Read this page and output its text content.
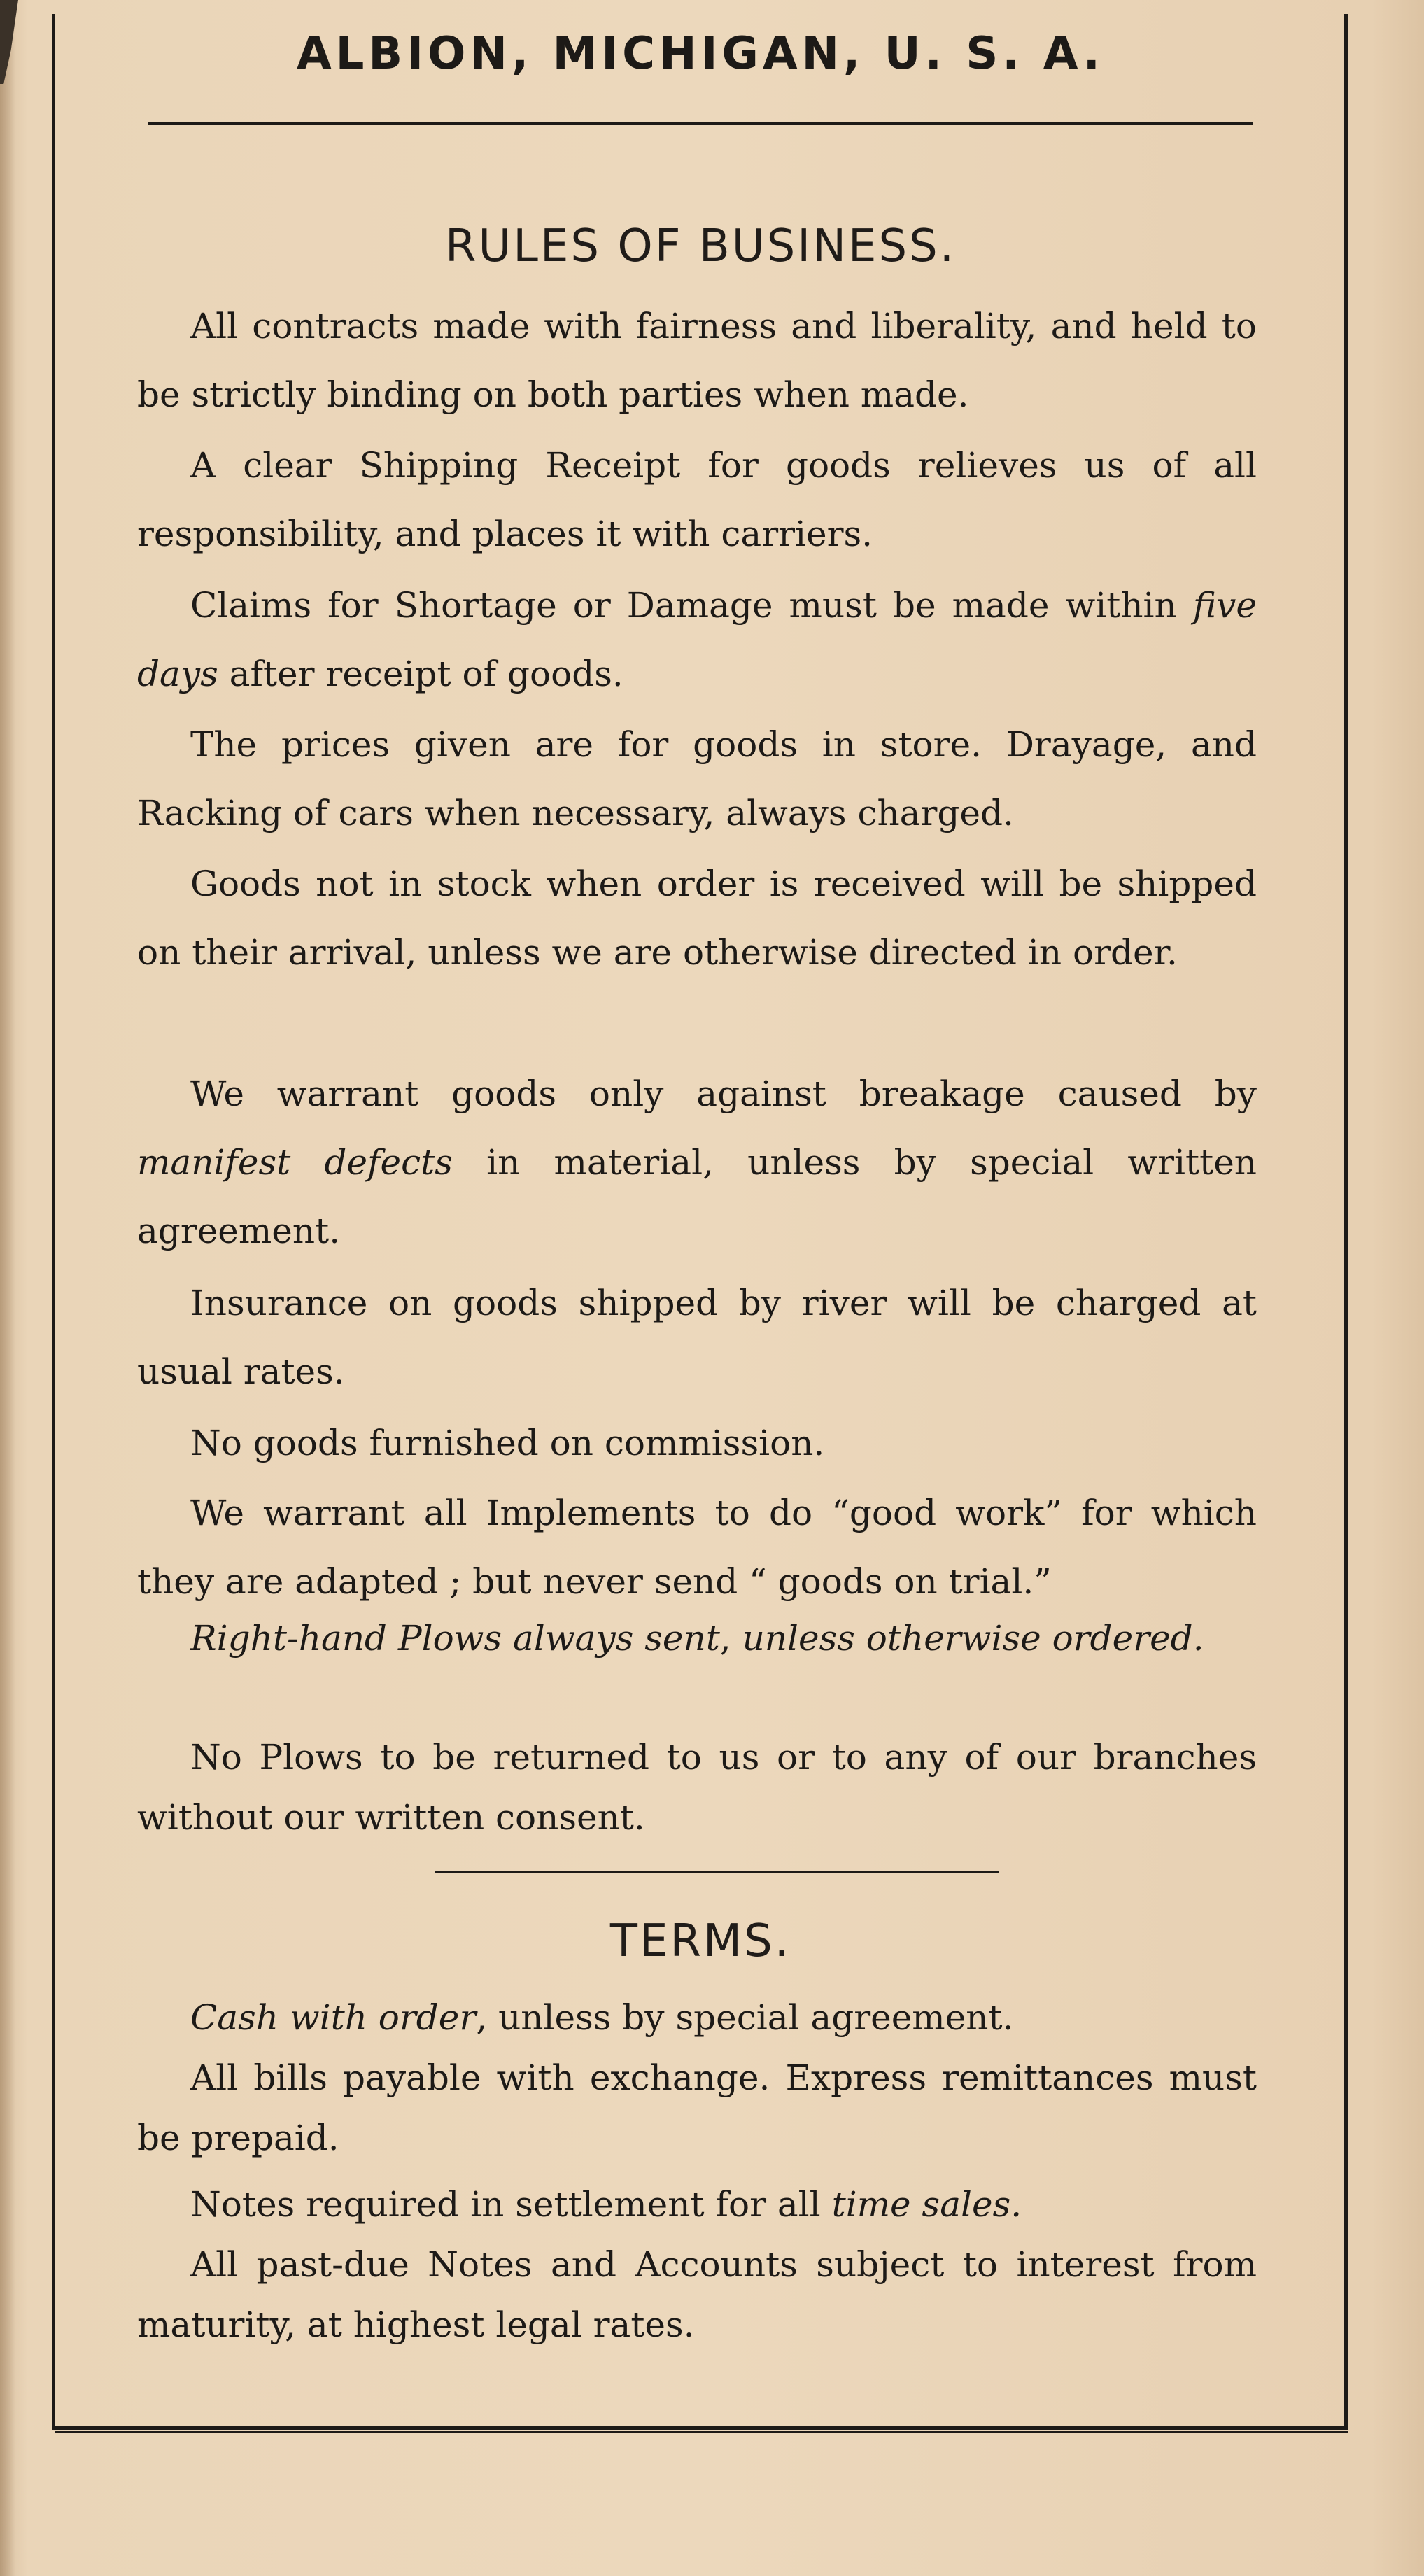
ALBION, MICHIGAN, U. S. A.
RULES OF BUSINESS.
All contracts made with fairness and liberality, and held to be strictly binding on both parties when made.
A clear Shipping Receipt for goods relieves us of all responsibility, and places it with carriers.
Claims for Shortage or Damage must be made within five days after receipt of goods.
The prices given are for goods in store. Drayage, and Racking of cars when necessary, always charged.
Goods not in stock when order is received will be shipped on their arrival, unless we are otherwise directed in order.
We warrant goods only against breakage caused by manifest defects in material, unless by special written agreement.
Insurance on goods shipped by river will be charged at usual rates.
No goods furnished on commission.
We warrant all Implements to do “good work” for which they are adapted ; but never send “ goods on trial.”
Right-hand Plows always sent, unless otherwise ordered.
No Plows to be returned to us or to any of our branches without our written consent.
TERMS.
Cash with order, unless by special agreement.
All bills payable with exchange. Express remittances must be prepaid.
Notes required in settlement for all time sales.
All past-due Notes and Accounts subject to interest from maturity, at highest legal rates.
